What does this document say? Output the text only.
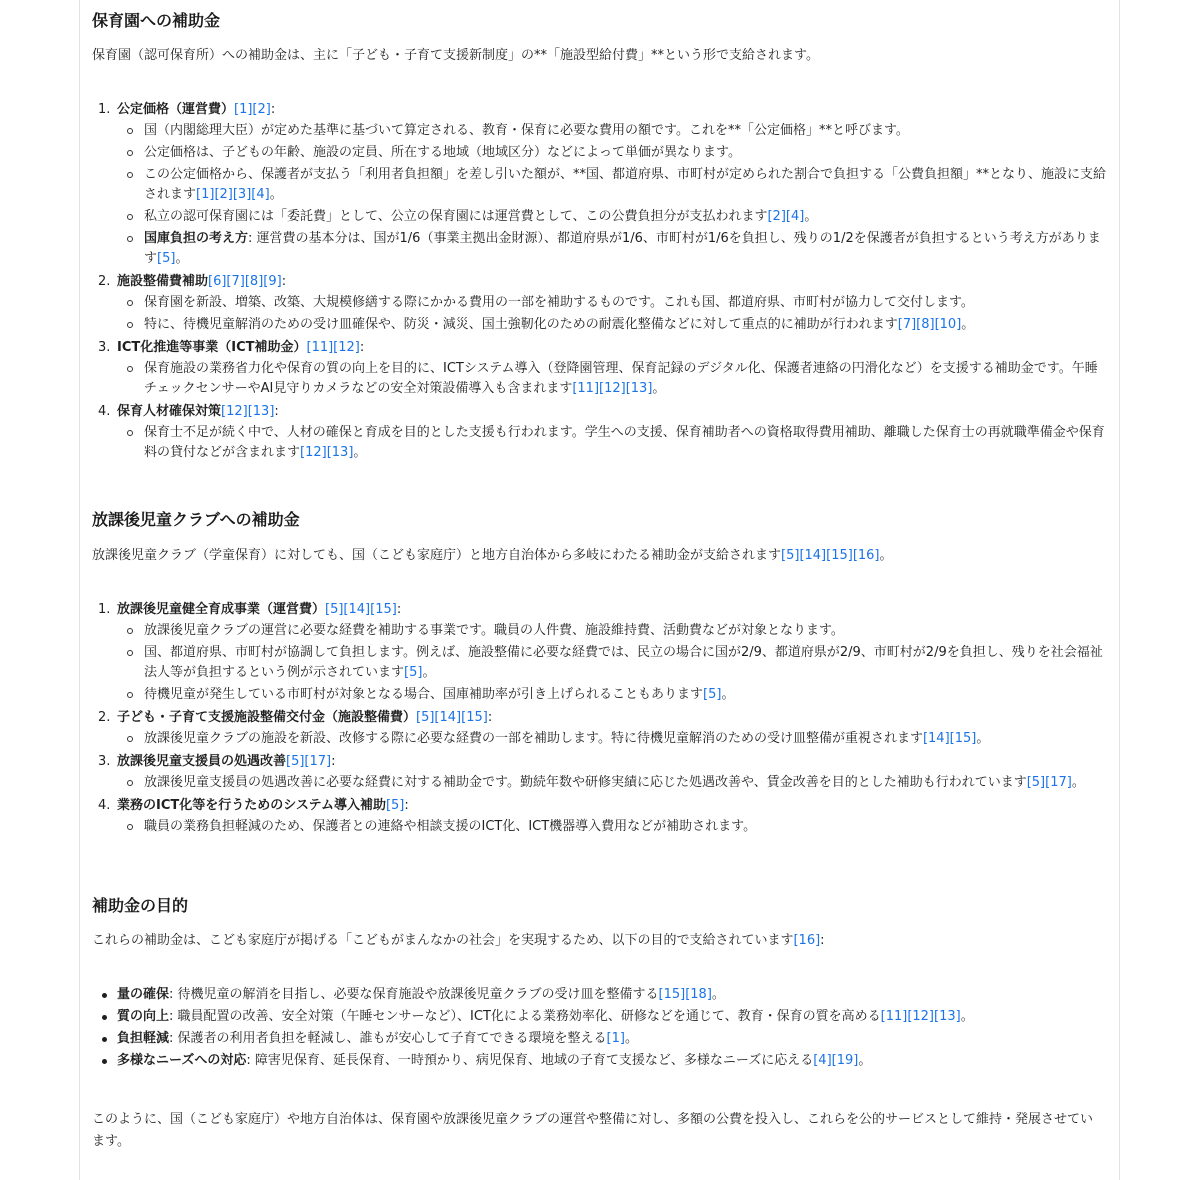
保育園への補助金

保育園（認可保育所）への補助金は、主に「子ども・子育て支援新制度」の**「施設型給付費」**という形で支給されます。

1. 公定価格（運営費）[1][2]:
国（内閣総理大臣）が定めた基準に基づいて算定される、教育・保育に必要な費用の額です。これを**「公定価格」**と呼びます。
公定価格は、子どもの年齢、施設の定員、所在する地域（地域区分）などによって単価が異なります。
この公定価格から、保護者が支払う「利用者負担額」を差し引いた額が、**国、都道府県、市町村が定められた割合で負担する「公費負担額」**となり、施設に支給されます[1][2][3][4]。
私立の認可保育園には「委託費」として、公立の保育園には運営費として、この公費負担分が支払われます[2][4]。
国庫負担の考え方: 運営費の基本分は、国が1/6（事業主拠出金財源）、都道府県が1/6、市町村が1/6を負担し、残りの1/2を保護者が負担するという考え方があります[5]。
2. 施設整備費補助[6][7][8][9]:
保育園を新設、増築、改築、大規模修繕する際にかかる費用の一部を補助するものです。これも国、都道府県、市町村が協力して交付します。
特に、待機児童解消のための受け皿確保や、防災・減災、国土強靭化のための耐震化整備などに対して重点的に補助が行われます[7][8][10]。
3. ICT化推進等事業（ICT補助金）[11][12]:
保育施設の業務省力化や保育の質の向上を目的に、ICTシステム導入（登降園管理、保育記録のデジタル化、保護者連絡の円滑化など）を支援する補助金です。午睡チェックセンサーやAI見守りカメラなどの安全対策設備導入も含まれます[11][12][13]。
4. 保育人材確保対策[12][13]:
保育士不足が続く中で、人材の確保と育成を目的とした支援も行われます。学生への支援、保育補助者への資格取得費用補助、離職した保育士の再就職準備金や保育料の貸付などが含まれます[12][13]。
放課後児童クラブへの補助金

放課後児童クラブ（学童保育）に対しても、国（こども家庭庁）と地方自治体から多岐にわたる補助金が支給されます[5][14][15][16]。

1. 放課後児童健全育成事業（運営費）[5][14][15]:
放課後児童クラブの運営に必要な経費を補助する事業です。職員の人件費、施設維持費、活動費などが対象となります。
国、都道府県、市町村が協調して負担します。例えば、施設整備に必要な経費では、民立の場合に国が2/9、都道府県が2/9、市町村が2/9を負担し、残りを社会福祉法人等が負担するという例が示されています[5]。
待機児童が発生している市町村が対象となる場合、国庫補助率が引き上げられることもあります[5]。
2. 子ども・子育て支援施設整備交付金（施設整備費）[5][14][15]:
放課後児童クラブの施設を新設、改修する際に必要な経費の一部を補助します。特に待機児童解消のための受け皿整備が重視されます[14][15]。
3. 放課後児童支援員の処遇改善[5][17]:
放課後児童支援員の処遇改善に必要な経費に対する補助金です。勤続年数や研修実績に応じた処遇改善や、賃金改善を目的とした補助も行われています[5][17]。
4. 業務のICT化等を行うためのシステム導入補助[5]:
職員の業務負担軽減のため、保護者との連絡や相談支援のICT化、ICT機器導入費用などが補助されます。
補助金の目的

これらの補助金は、こども家庭庁が掲げる「こどもがまんなかの社会」を実現するため、以下の目的で支給されています[16]:

量の確保: 待機児童の解消を目指し、必要な保育施設や放課後児童クラブの受け皿を整備する[15][18]。
質の向上: 職員配置の改善、安全対策（午睡センサーなど）、ICT化による業務効率化、研修などを通じて、教育・保育の質を高める[11][12][13]。
負担軽減: 保護者の利用者負担を軽減し、誰もが安心して子育てできる環境を整える[1]。
多様なニーズへの対応: 障害児保育、延長保育、一時預かり、病児保育、地域の子育て支援など、多様なニーズに応える[4][19]。

このように、国（こども家庭庁）や地方自治体は、保育園や放課後児童クラブの運営や整備に対し、多額の公費を投入し、これらを公的サービスとして維持・発展させています。
